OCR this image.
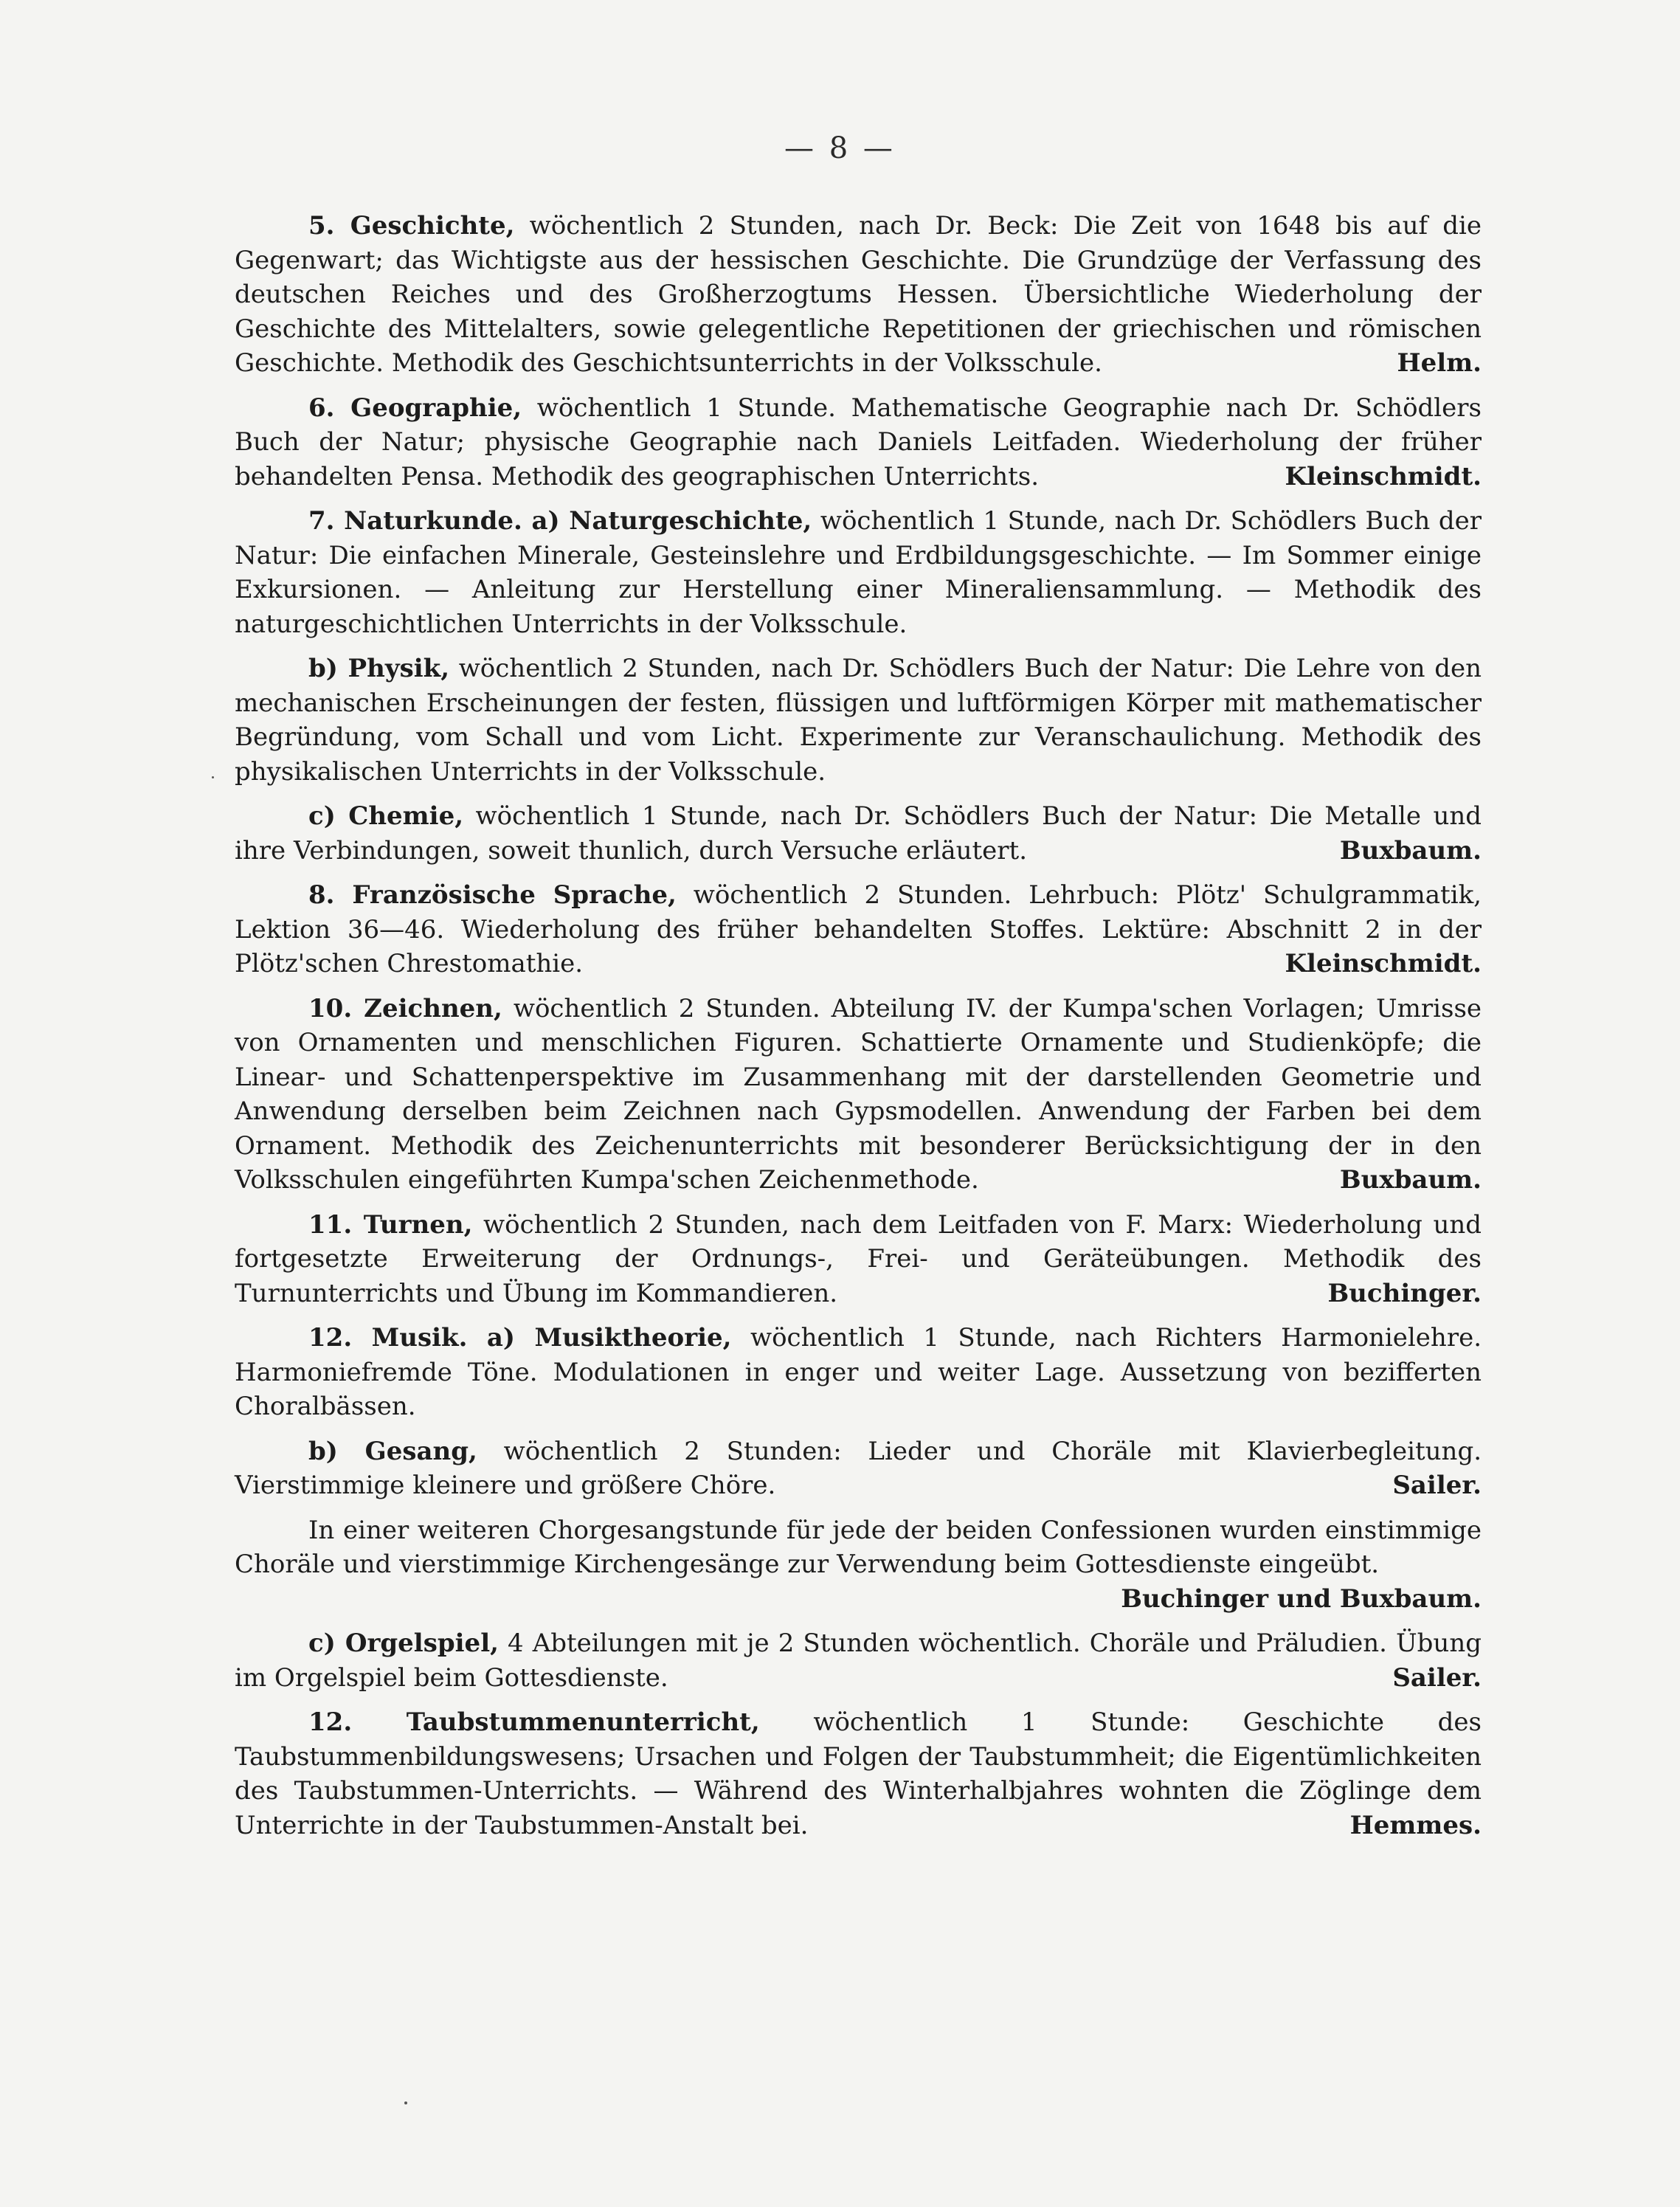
— 8 —

5. Geschichte, wöchentlich 2 Stunden, nach Dr. Beck: Die Zeit von 1648 bis auf die Gegenwart; das Wichtigste aus der hessischen Geschichte. Die Grundzüge der Verfassung des deutschen Reiches und des Großherzogtums Hessen. Übersichtliche Wiederholung der Geschichte des Mittelalters, sowie gelegentliche Repetitionen der griechischen und römischen Geschichte. Methodik des Geschichtsunterrichts in der Volksschule.	Helm.

6. Geographie, wöchentlich 1 Stunde. Mathematische Geographie nach Dr. Schödlers Buch der Natur; physische Geographie nach Daniels Leitfaden. Wiederholung der früher behandelten Pensa. Methodik des geographischen Unterrichts.	Kleinschmidt.

7. Naturkunde. a) Naturgeschichte, wöchentlich 1 Stunde, nach Dr. Schödlers Buch der Natur: Die einfachen Minerale, Gesteinslehre und Erdbildungsgeschichte. — Im Sommer einige Exkursionen. — Anleitung zur Herstellung einer Mineraliensammlung. — Methodik des naturgeschichtlichen Unterrichts in der Volksschule.

b) Physik, wöchentlich 2 Stunden, nach Dr. Schödlers Buch der Natur: Die Lehre von den mechanischen Erscheinungen der festen, flüssigen und luftförmigen Körper mit mathematischer Begründung, vom Schall und vom Licht. Experimente zur Veranschaulichung. Methodik des physikalischen Unterrichts in der Volksschule.

c) Chemie, wöchentlich 1 Stunde, nach Dr. Schödlers Buch der Natur: Die Metalle und ihre Verbindungen, soweit thunlich, durch Versuche erläutert.	Buxbaum.

8. Französische Sprache, wöchentlich 2 Stunden. Lehrbuch: Plötz' Schulgrammatik, Lektion 36—46. Wiederholung des früher behandelten Stoffes. Lektüre: Abschnitt 2 in der Plötz'schen Chrestomathie.	Kleinschmidt.

10. Zeichnen, wöchentlich 2 Stunden. Abteilung IV. der Kumpa'schen Vorlagen; Umrisse von Ornamenten und menschlichen Figuren. Schattierte Ornamente und Studienköpfe; die Linear- und Schattenperspektive im Zusammenhang mit der darstellenden Geometrie und Anwendung derselben beim Zeichnen nach Gypsmodellen. Anwendung der Farben bei dem Ornament. Methodik des Zeichenunterrichts mit besonderer Berücksichtigung der in den Volksschulen eingeführten Kumpa'schen Zeichenmethode.	Buxbaum.

11. Turnen, wöchentlich 2 Stunden, nach dem Leitfaden von F. Marx: Wiederholung und fortgesetzte Erweiterung der Ordnungs-, Frei- und Geräteübungen. Methodik des Turnunterrichts und Übung im Kommandieren.	Buchinger.

12. Musik. a) Musiktheorie, wöchentlich 1 Stunde, nach Richters Harmonielehre. Harmoniefremde Töne. Modulationen in enger und weiter Lage. Aussetzung von bezifferten Choralbässen.

b) Gesang, wöchentlich 2 Stunden: Lieder und Choräle mit Klavierbegleitung. Vierstimmige kleinere und größere Chöre.	Sailer.

In einer weiteren Chorgesangstunde für jede der beiden Confessionen wurden einstimmige Choräle und vierstimmige Kirchengesänge zur Verwendung beim Gottesdienste eingeübt.

Buchinger und Buxbaum.

c) Orgelspiel, 4 Abteilungen mit je 2 Stunden wöchentlich. Choräle und Präludien. Übung im Orgelspiel beim Gottesdienste.	Sailer.

12. Taubstummenunterricht, wöchentlich 1 Stunde: Geschichte des Taubstummenbildungswesens; Ursachen und Folgen der Taubstummheit; die Eigentümlichkeiten des Taubstummen-Unterrichts. — Während des Winterhalbjahres wohnten die Zöglinge dem Unterrichte in der Taubstummen-Anstalt bei.	Hemmes.
